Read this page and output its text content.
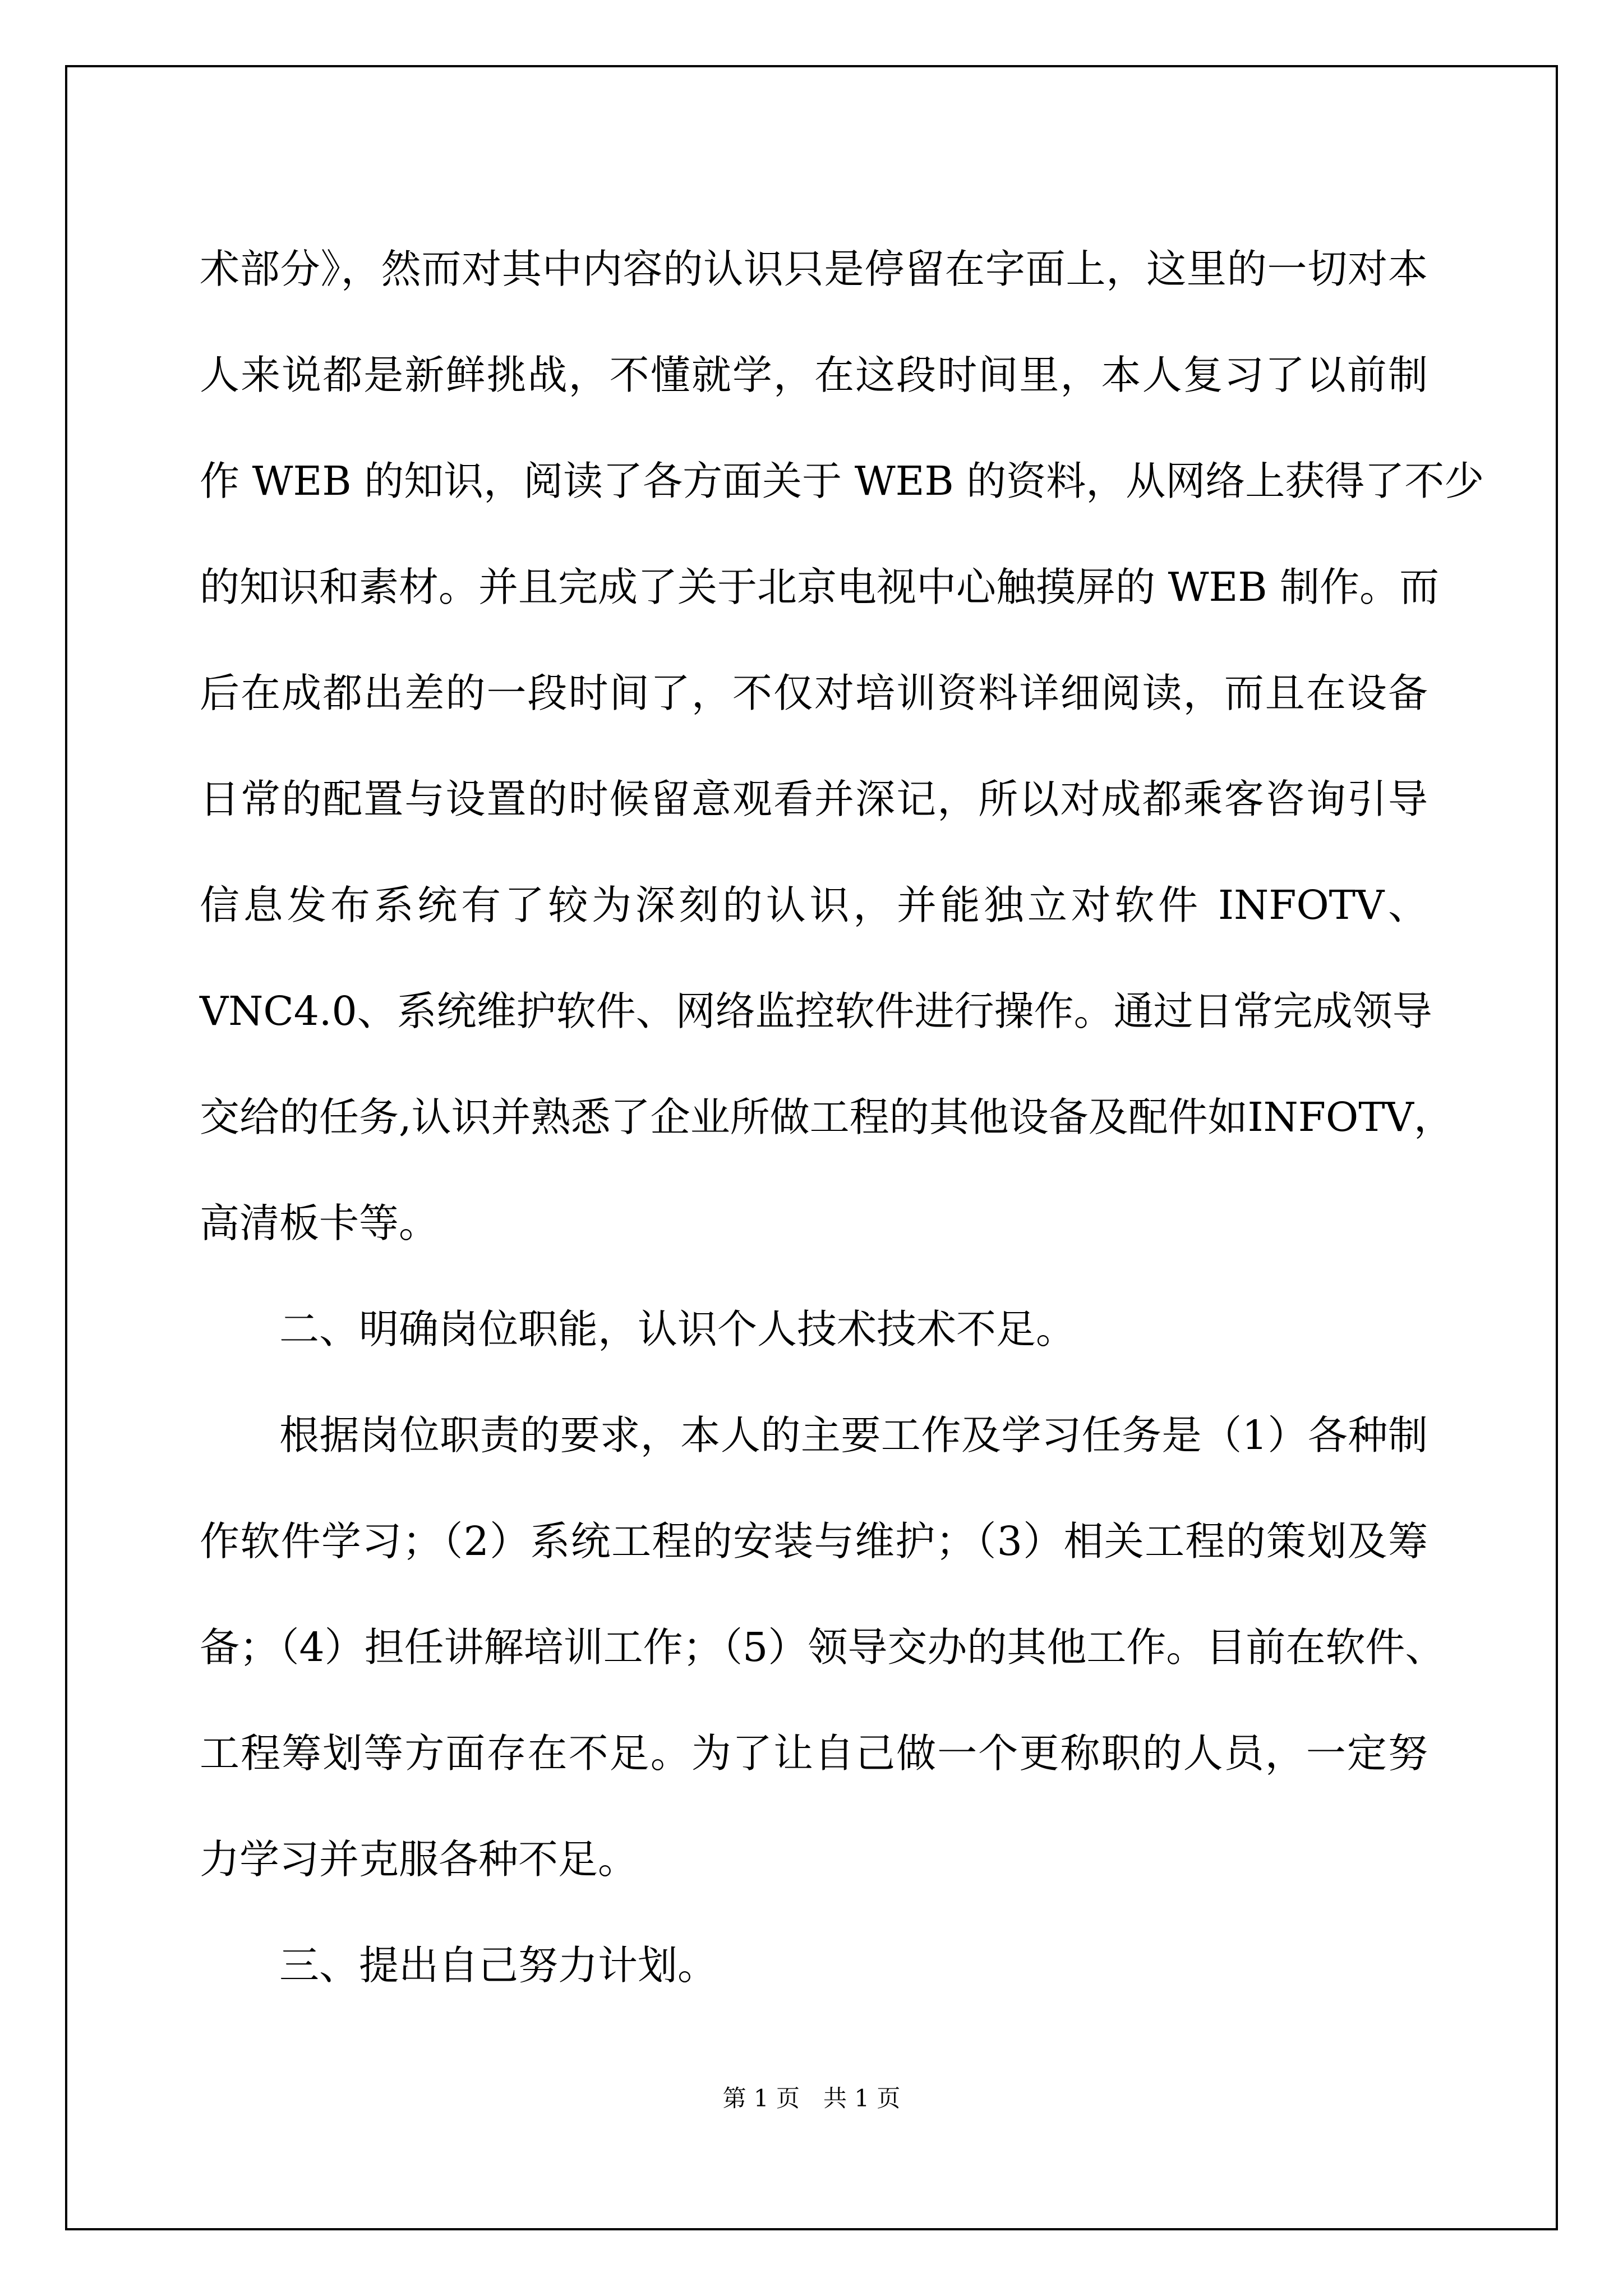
术部分》，然而对其中内容的认识只是停留在字面上，这里的一切对本
人来说都是新鲜挑战，不懂就学，在这段时间里，本人复习了以前制
作 WEB 的知识，阅读了各方面关于 WEB 的资料，从网络上获得了不少
的知识和素材。并且完成了关于北京电视中心触摸屏的 WEB 制作。而
后在成都出差的一段时间了，不仅对培训资料详细阅读，而且在设备
日常的配置与设置的时候留意观看并深记，所以对成都乘客咨询引导
信息发布系统有了较为深刻的认识，并能独立对软件 INFOTV、
VNC4.0、系统维护软件、网络监控软件进行操作。通过日常完成领导
交给的任务,认识并熟悉了企业所做工程的其他设备及配件如INFOTV，
高清板卡等。
二、明确岗位职能，认识个人技术技术不足。
根据岗位职责的要求，本人的主要工作及学习任务是（1）各种制
作软件学习；（2）系统工程的安装与维护；（3）相关工程的策划及筹
备；（4）担任讲解培训工作；（5）领导交办的其他工作。目前在软件、
工程筹划等方面存在不足。为了让自己做一个更称职的人员，一定努
力学习并克服各种不足。
三、提出自己努力计划。
第 1 页　共 1 页
